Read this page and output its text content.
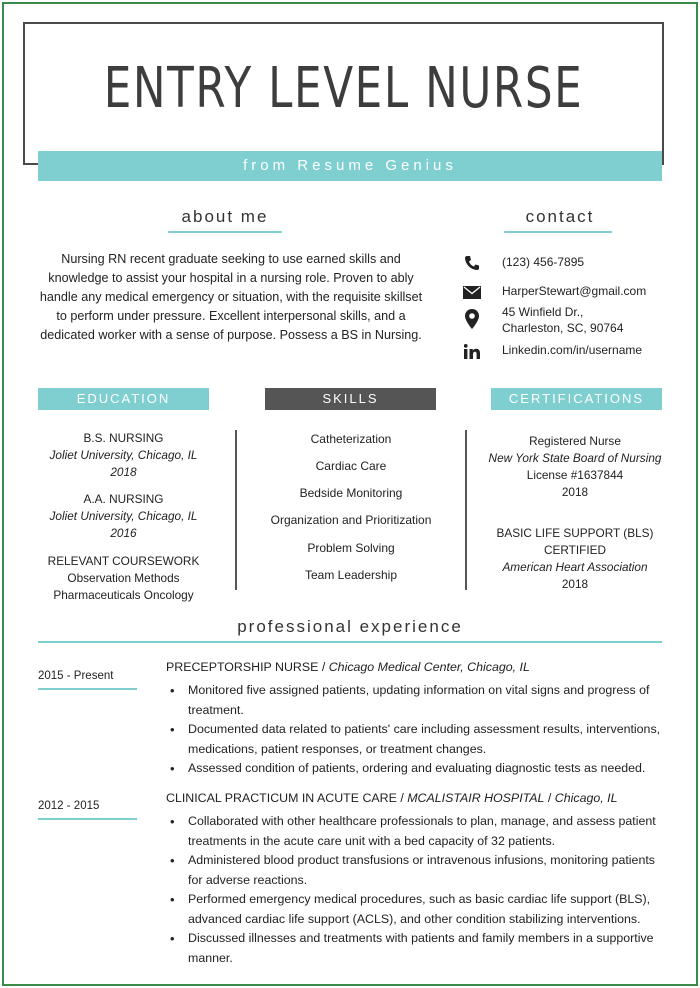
ENTRY LEVEL NURSE
from Resume Genius
about me
Nursing RN recent graduate seeking to use earned skills and knowledge to assist your hospital in a nursing role. Proven to ably handle any medical emergency or situation, with the requisite skillset to perform under pressure. Excellent interpersonal skills, and a dedicated worker with a sense of purpose. Possess a BS in Nursing.
contact
(123) 456-7895
HarperStewart@gmail.com
45 Winfield Dr.,
Charleston, SC, 90764
Linkedin.com/in/username
EDUCATION	SKILLS	CERTIFICATIONS
B.S. NURSING
Joliet University, Chicago, IL
2018
A.A. NURSING
Joliet University, Chicago, IL
2016
RELEVANT COURSEWORK
Observation Methods
Pharmaceuticals Oncology
Catheterization
Cardiac Care
Bedside Monitoring
Organization and Prioritization
Problem Solving
Team Leadership
Registered Nurse
New York State Board of Nursing
License #1637844
2018
BASIC LIFE SUPPORT (BLS)
CERTIFIED
American Heart Association
2018
professional experience
2015 - Present
PRECEPTORSHIP NURSE / Chicago Medical Center, Chicago, IL
• Monitored five assigned patients, updating information on vital signs and progress of treatment.
• Documented data related to patients' care including assessment results, interventions, medications, patient responses, or treatment changes.
• Assessed condition of patients, ordering and evaluating diagnostic tests as needed.
2012 - 2015
CLINICAL PRACTICUM IN ACUTE CARE / MCALISTAIR HOSPITAL / Chicago, IL
• Collaborated with other healthcare professionals to plan, manage, and assess patient treatments in the acute care unit with a bed capacity of 32 patients.
• Administered blood product transfusions or intravenous infusions, monitoring patients for adverse reactions.
• Performed emergency medical procedures, such as basic cardiac life support (BLS), advanced cardiac life support (ACLS), and other condition stabilizing interventions.
• Discussed illnesses and treatments with patients and family members in a supportive manner.
